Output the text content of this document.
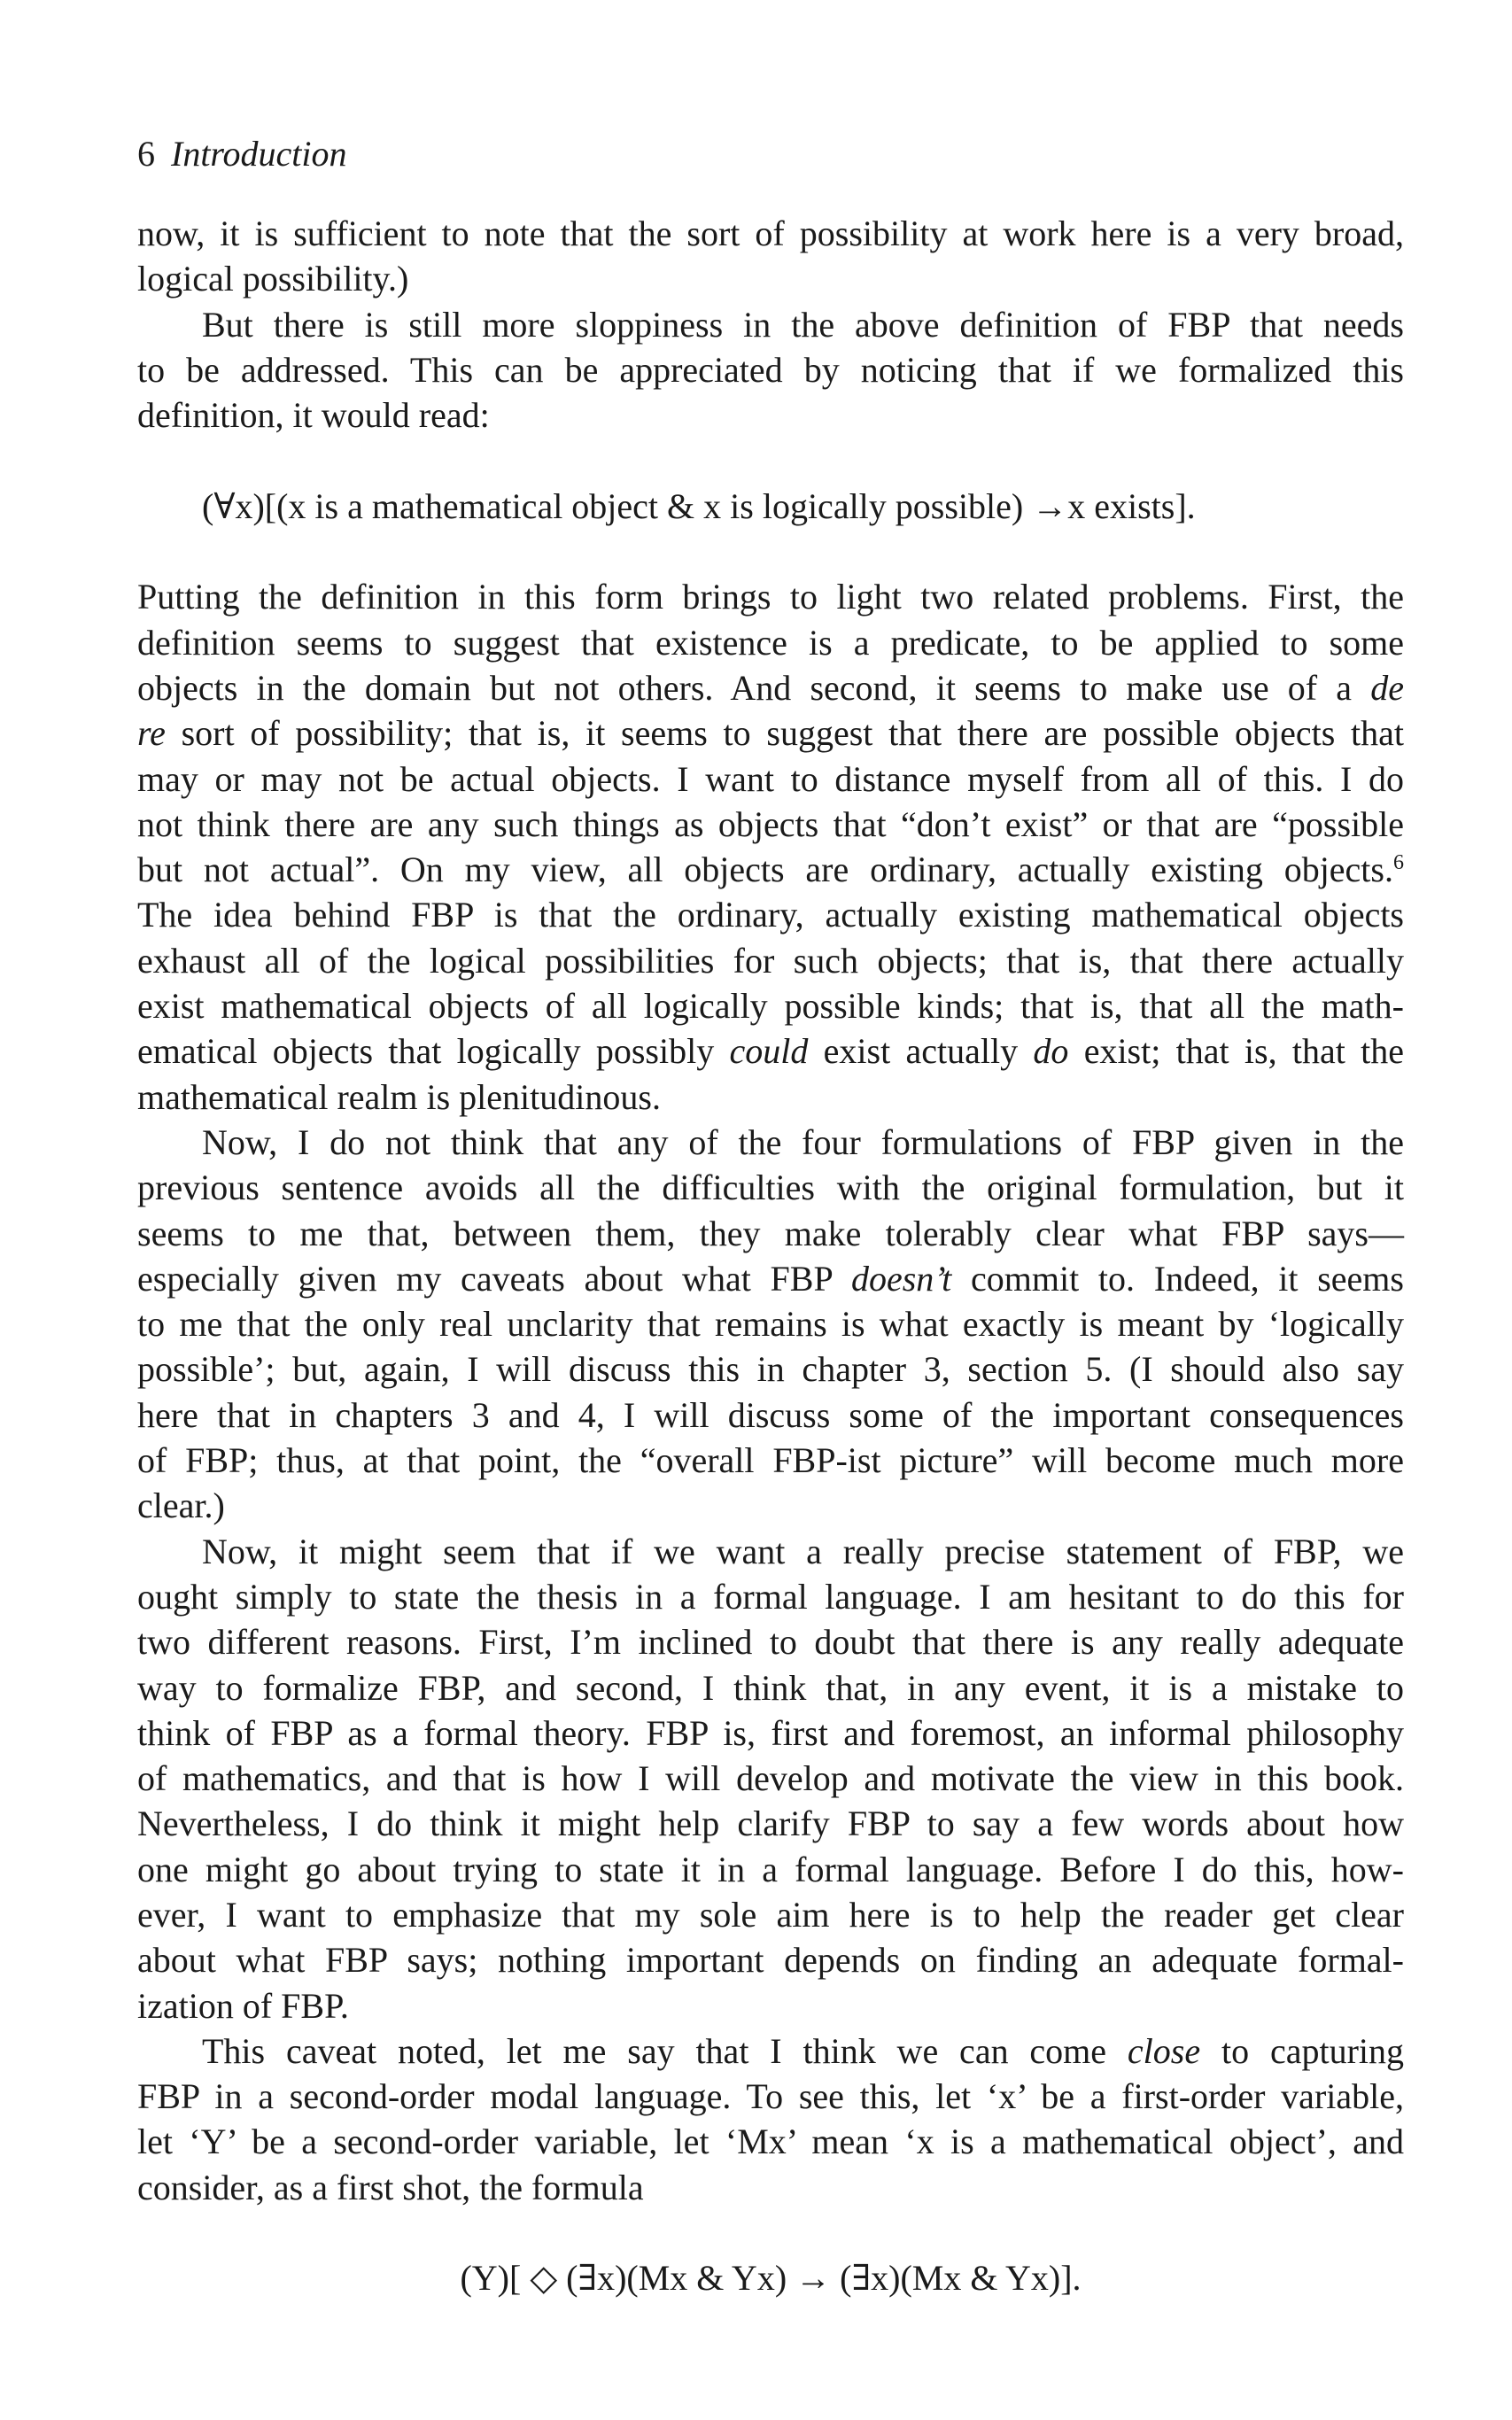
6 Introduction
now, it is sufficient to note that the sort of possibility at work here is a very broad,
logical possibility.)
But there is still more sloppiness in the above definition of FBP that needs
to be addressed. This can be appreciated by noticing that if we formalized this
definition, it would read:
(∀x)[(x is a mathematical object & x is logically possible) →x exists].
Putting the definition in this form brings to light two related problems. First, the
definition seems to suggest that existence is a predicate, to be applied to some
objects in the domain but not others. And second, it seems to make use of a de
re sort of possibility; that is, it seems to suggest that there are possible objects that
may or may not be actual objects. I want to distance myself from all of this. I do
not think there are any such things as objects that “don’t exist” or that are “possible
but not actual”. On my view, all objects are ordinary, actually existing objects.$^6$
The idea behind FBP is that the ordinary, actually existing mathematical objects
exhaust all of the logical possibilities for such objects; that is, that there actually
exist mathematical objects of all logically possible kinds; that is, that all the math-
ematical objects that logically possibly could exist actually do exist; that is, that the
mathematical realm is plenitudinous.
Now, I do not think that any of the four formulations of FBP given in the
previous sentence avoids all the difficulties with the original formulation, but it
seems to me that, between them, they make tolerably clear what FBP says—
especially given my caveats about what FBP doesn’t commit to. Indeed, it seems
to me that the only real unclarity that remains is what exactly is meant by ‘logically
possible’; but, again, I will discuss this in chapter 3, section 5. (I should also say
here that in chapters 3 and 4, I will discuss some of the important consequences
of FBP; thus, at that point, the “overall FBP-ist picture” will become much more
clear.)
Now, it might seem that if we want a really precise statement of FBP, we
ought simply to state the thesis in a formal language. I am hesitant to do this for
two different reasons. First, I’m inclined to doubt that there is any really adequate
way to formalize FBP, and second, I think that, in any event, it is a mistake to
think of FBP as a formal theory. FBP is, first and foremost, an informal philosophy
of mathematics, and that is how I will develop and motivate the view in this book.
Nevertheless, I do think it might help clarify FBP to say a few words about how
one might go about trying to state it in a formal language. Before I do this, how-
ever, I want to emphasize that my sole aim here is to help the reader get clear
about what FBP says; nothing important depends on finding an adequate formal-
ization of FBP.
This caveat noted, let me say that I think we can come close to capturing
FBP in a second-order modal language. To see this, let ‘x’ be a first-order variable,
let ‘Y’ be a second-order variable, let ‘Mx’ mean ‘x is a mathematical object’, and
consider, as a first shot, the formula
(Y)[ ◇ (∃x)(Mx & Yx) → (∃x)(Mx & Yx)].
